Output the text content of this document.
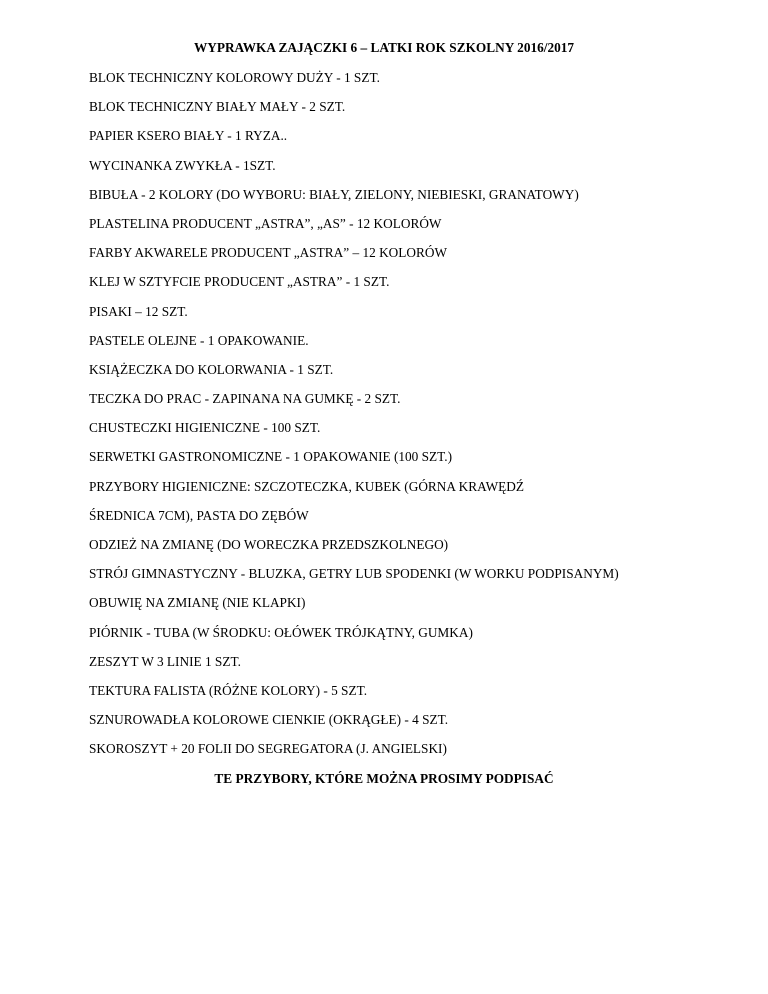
WYPRAWKA ZAJĄCZKI 6 – LATKI ROK SZKOLNY 2016/2017

BLOK TECHNICZNY KOLOROWY DUŻY - 1 SZT.
BLOK TECHNICZNY BIAŁY MAŁY - 2 SZT.
PAPIER KSERO BIAŁY - 1 RYZA..
WYCINANKA ZWYKŁA - 1SZT.
BIBUŁA - 2 KOLORY (DO WYBORU: BIAŁY, ZIELONY, NIEBIESKI, GRANATOWY)
PLASTELINA PRODUCENT „ASTRA”, „AS” - 12 KOLORÓW
FARBY AKWARELE PRODUCENT „ASTRA” – 12 KOLORÓW
KLEJ W SZTYFCIE PRODUCENT „ASTRA” - 1 SZT.
PISAKI – 12 SZT.
PASTELE OLEJNE - 1 OPAKOWANIE.
KSIĄŻECZKA DO KOLORWANIA - 1 SZT.
TECZKA DO PRAC - ZAPINANA NA GUMKĘ - 2 SZT.
CHUSTECZKI HIGIENICZNE - 100 SZT.
SERWETKI GASTRONOMICZNE - 1 OPAKOWANIE (100 SZT.)
PRZYBORY HIGIENICZNE: SZCZOTECZKA, KUBEK (GÓRNA KRAWĘDŹ
ŚREDNICA 7CM), PASTA DO ZĘBÓW
ODZIEŻ NA ZMIANĘ (DO WORECZKA PRZEDSZKOLNEGO)
STRÓJ GIMNASTYCZNY - BLUZKA, GETRY LUB SPODENKI (W WORKU PODPISANYM)
OBUWIĘ NA ZMIANĘ (NIE KLAPKI)
PIÓRNIK - TUBA (W ŚRODKU: OŁÓWEK TRÓJKĄTNY, GUMKA)
ZESZYT W 3 LINIE 1 SZT.
TEKTURA FALISTA (RÓŻNE KOLORY) - 5 SZT.
SZNUROWADŁA KOLOROWE CIENKIE (OKRĄGŁE) - 4 SZT.
SKOROSZYT + 20 FOLII DO SEGREGATORA (J. ANGIELSKI)

TE PRZYBORY, KTÓRE MOŻNA PROSIMY PODPISAĆ
